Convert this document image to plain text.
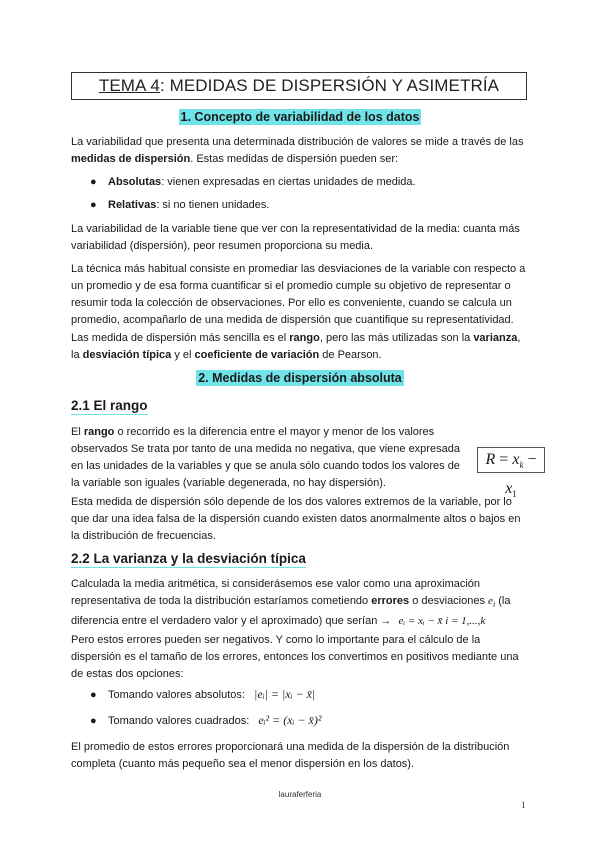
TEMA 4: MEDIDAS DE DISPERSIÓN Y ASIMETRÍA
1. Concepto de variabilidad de los datos

La variabilidad que presenta una determinada distribución de valores se mide a través de las medidas de dispersión. Estas medidas de dispersión pueden ser:

● Absolutas: vienen expresadas en ciertas unidades de medida.
● Relativas: si no tienen unidades.

La variabilidad de la variable tiene que ver con la representatividad de la media: cuanta más variabilidad (dispersión), peor resumen proporciona su media.

La técnica más habitual consiste en promediar las desviaciones de la variable con respecto a un promedio y de esa forma cuantificar si el promedio cumple su objetivo de representar o resumir toda la colección de observaciones. Por ello es conveniente, cuando se calcula un promedio, acompañarlo de una medida de dispersión que cuantifique su representatividad.

Las medida de dispersión más sencilla es el rango, pero las más utilizadas son la varianza, la desviación típica y el coeficiente de variación de Pearson.

2. Medidas de dispersión absoluta
2.1 El rango

El rango o recorrido es la diferencia entre el mayor y menor de los valores observados Se trata por tanto de una medida no negativa, que viene expresada en las unidades de la variables y que se anula sólo cuando todos los valores de la variable son iguales (variable degenerada, no hay dispersión).

$R = x_k - x_1$

Esta medida de dispersión sólo depende de los dos valores extremos de la variable, por lo que dar una idea falsa de la dispersión cuando existen datos anormalmente altos o bajos en la distribución de frecuencias.

2.2 La varianza y la desviación típica

Calculada la media aritmética, si considerásemos ese valor como una aproximación representativa de toda la distribución estaríamos cometiendo errores o desviaciones $e_i$ (la diferencia entre el verdadero valor y el aproximado) que serían → eᵢ = xᵢ − x̄ i = 1,...,k

Pero estos errores pueden ser negativos. Y como lo importante para el cálculo de la dispersión es el tamaño de los errores, entonces los convertimos en positivos mediante una de estas dos opciones:

● Tomando valores absolutos: |eᵢ| = |xᵢ − x̄|
● Tomando valores cuadrados: eᵢ² = (xᵢ − x̄)²

El promedio de estos errores proporcionará una medida de la dispersión de la distribución completa (cuanto más pequeño sea el menor dispersión en los datos).

lauraferferia
1
